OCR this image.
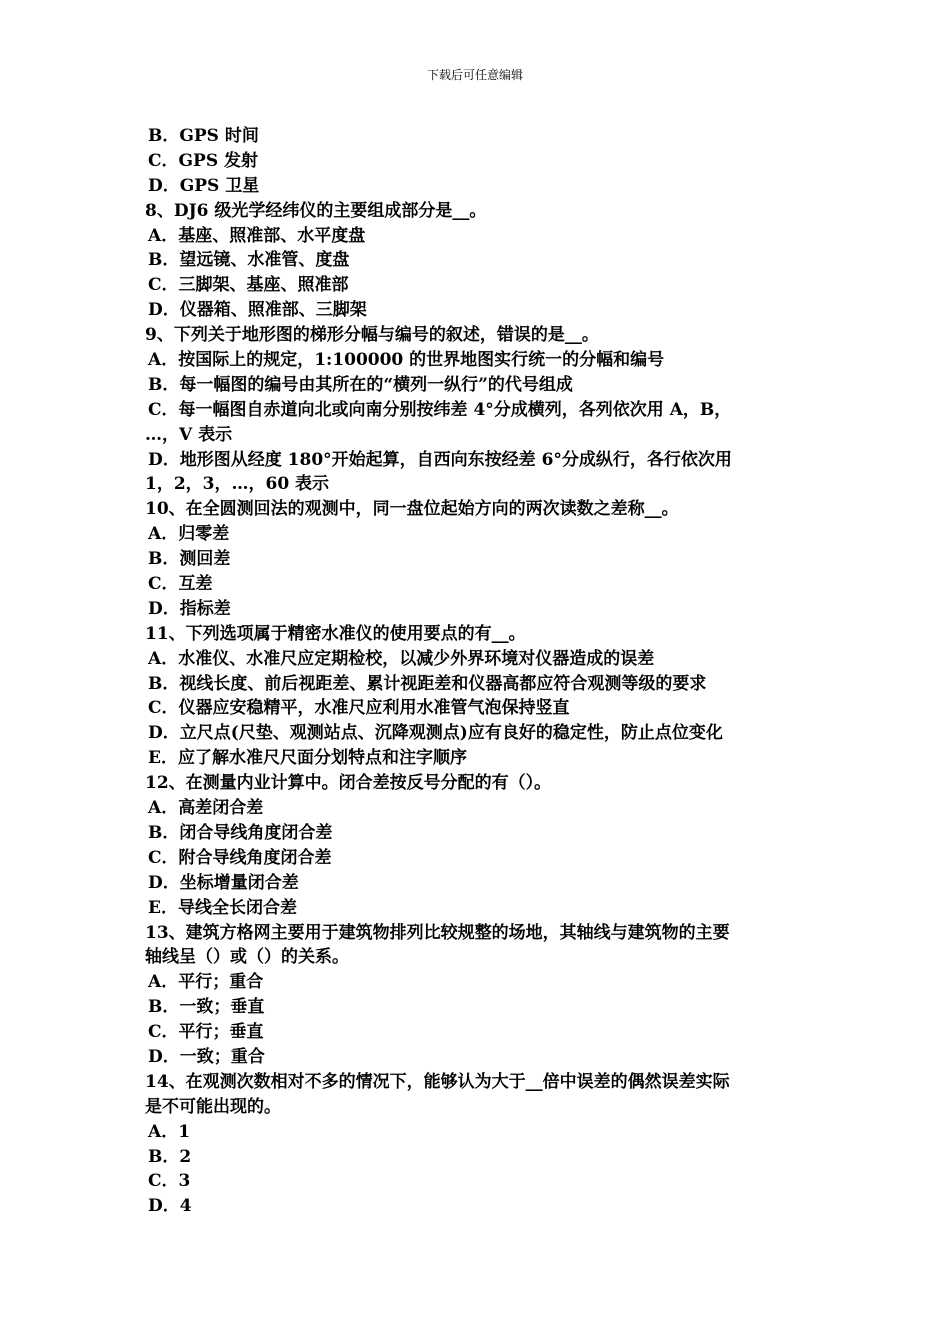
下载后可任意编辑
B．GPS 时间
C．GPS 发射
D．GPS 卫星
8、DJ6 级光学经纬仪的主要组成部分是__。
A．基座、照准部、水平度盘
B．望远镜、水准管、度盘
C．三脚架、基座、照准部
D．仪器箱、照准部、三脚架
9、下列关于地形图的梯形分幅与编号的叙述，错误的是__。
A．按国际上的规定，1:100000 的世界地图实行统一的分幅和编号
B．每一幅图的编号由其所在的“横列一纵行”的代号组成
C．每一幅图自赤道向北或向南分别按纬差 4°分成横列，各列依次用 A，B，
…，V 表示
D．地形图从经度 180°开始起算，自西向东按经差 6°分成纵行，各行依次用
1，2，3，…，60 表示
10、在全圆测回法的观测中，同一盘位起始方向的两次读数之差称__。
A．归零差
B．测回差
C．互差
D．指标差
11、下列选项属于精密水准仪的使用要点的有__。
A．水准仪、水准尺应定期检校，以减少外界环境对仪器造成的误差
B．视线长度、前后视距差、累计视距差和仪器高都应符合观测等级的要求
C．仪器应安稳精平，水准尺应利用水准管气泡保持竖直
D．立尺点(尺垫、观测站点、沉降观测点)应有良好的稳定性，防止点位变化
E．应了解水准尺尺面分划特点和注字顺序
12、在测量内业计算中。闭合差按反号分配的有（）。
A．高差闭合差
B．闭合导线角度闭合差
C．附合导线角度闭合差
D．坐标增量闭合差
E．导线全长闭合差
13、建筑方格网主要用于建筑物排列比较规整的场地，其轴线与建筑物的主要
轴线呈（）或（）的关系。
A．平行；重合
B．一致；垂直
C．平行；垂直
D．一致；重合
14、在观测次数相对不多的情况下，能够认为大于__倍中误差的偶然误差实际
是不可能出现的。
A．1
B．2
C．3
D．4
